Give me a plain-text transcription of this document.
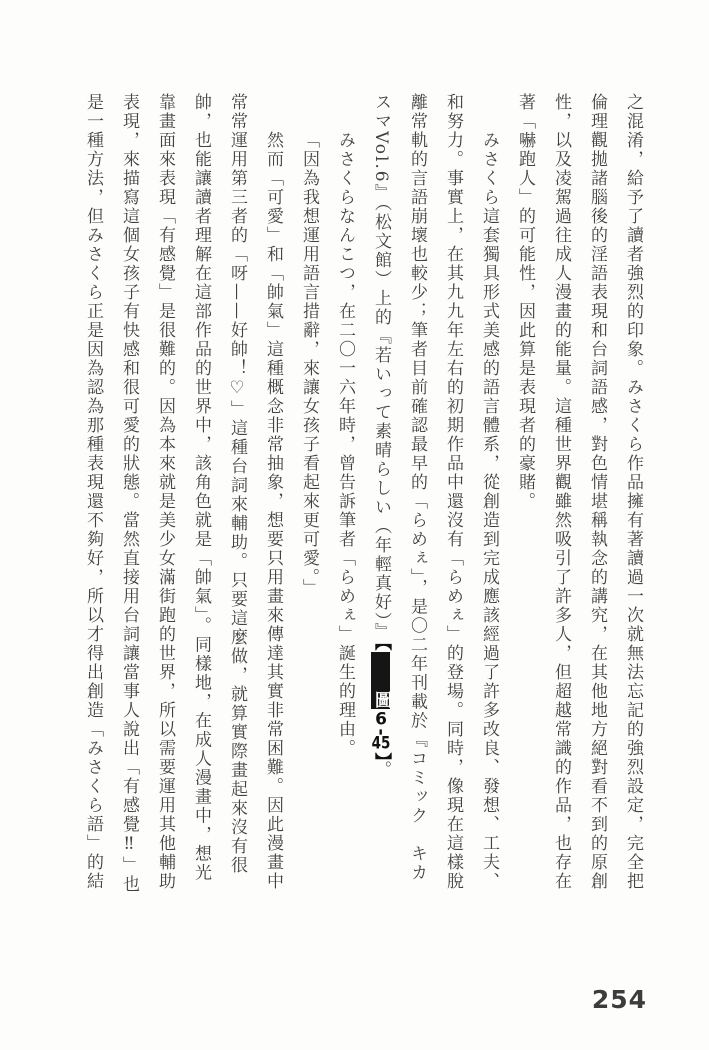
之混淆，給予了讀者強烈的印象。みさくら作品擁有著讀過一次就無法忘記的強烈設定，完全把倫理觀拋諸腦後的淫語表現和台詞語感，對色情堪稱執念的講究，在其他地方絕對看不到的原創性，以及凌駕過往成人漫畫的能量。這種世界觀雖然吸引了許多人，但超越常識的作品，也存在著「嚇跑人」的可能性，因此算是表現者的豪賭。

みさくら這套獨具形式美感的語言體系，從創造到完成應該經過了許多改良、發想、工夫、和努力。事實上，在其九九年左右的初期作品中還沒有「らめぇ」的登場。同時，像現在這樣脫離常軌的言語崩壞也較少；筆者目前確認最早的「らめぇ」，是〇二年刊載於『コミック　キカスマVol.6』（松文館）上的『若いって素晴らしい（年輕真好）』【圖6-45】。

みさくらなんこつ，在二〇一六年時，曾告訴筆者「らめぇ」誕生的理由。

「因為我想運用語言措辭，來讓女孩子看起來更可愛。」

然而「可愛」和「帥氣」這種概念非常抽象，想要只用畫來傳達其實非常困難。因此漫畫中常常運用第三者的「呀——好帥！♡」這種台詞來輔助。只要這麼做，就算實際畫起來沒有很帥，也能讓讀者理解在這部作品的世界中，該角色就是「帥氣」。同樣地，在成人漫畫中，想光靠畫面來表現「有感覺」是很難的。因為本來就是美少女滿街跑的世界，所以需要運用其他輔助表現，來描寫這個女孩子有快感和很可愛的狀態。當然直接用台詞讓當事人說出「有感覺‼」也是一種方法，但みさくら正是因為認為那種表現還不夠好，所以才得出創造「みさくら語」的結

254
